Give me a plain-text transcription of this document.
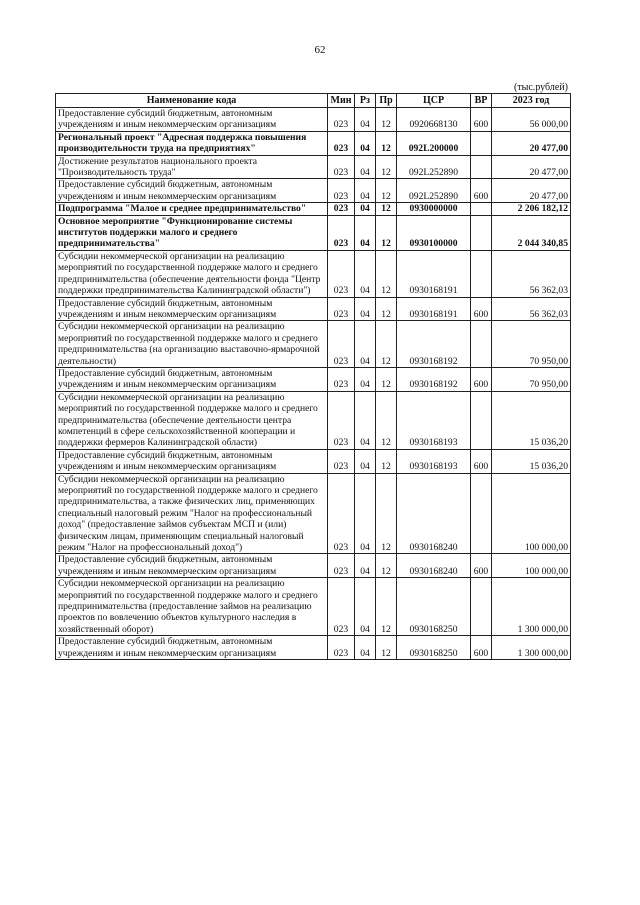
62
(тыс.рублей)
Наименование кода	Мин	Рз	Пр	ЦСР	ВР	2023 год
Предоставление субсидий бюджетным, автономным учреждениям и иным некоммерческим организациям	023	04	12	0920668130	600	56 000,00
Региональный проект "Адресная поддержка повышения производительности труда на предприятиях"	023	04	12	092L200000		20 477,00
Достижение результатов национального проекта "Производительность труда"	023	04	12	092L252890		20 477,00
Предоставление субсидий бюджетным, автономным учреждениям и иным некоммерческим организациям	023	04	12	092L252890	600	20 477,00
Подпрограмма "Малое и среднее предпринимательство"	023	04	12	0930000000		2 206 182,12
Основное мероприятие "Функционирование системы институтов поддержки малого и среднего предпринимательства"	023	04	12	0930100000		2 044 340,85
Субсидии некоммерческой организации на реализацию мероприятий по государственной поддержке малого и среднего предпринимательства (обеспечение деятельности фонда "Центр поддержки предпринимательства Калининградской области")	023	04	12	0930168191		56 362,03
Предоставление субсидий бюджетным, автономным учреждениям и иным некоммерческим организациям	023	04	12	0930168191	600	56 362,03
Субсидии некоммерческой организации на реализацию мероприятий по государственной поддержке малого и среднего предпринимательства (на организацию выставочно-ярмарочной деятельности)	023	04	12	0930168192		70 950,00
Предоставление субсидий бюджетным, автономным учреждениям и иным некоммерческим организациям	023	04	12	0930168192	600	70 950,00
Субсидии некоммерческой организации на реализацию мероприятий по государственной поддержке малого и среднего предпринимательства (обеспечение деятельности центра компетенций в сфере сельскохозяйственной кооперации и поддержки фермеров Калининградской области)	023	04	12	0930168193		15 036,20
Предоставление субсидий бюджетным, автономным учреждениям и иным некоммерческим организациям	023	04	12	0930168193	600	15 036,20
Субсидии некоммерческой организации на реализацию мероприятий по государственной поддержке малого и среднего предпринимательства, а также физических лиц, применяющих специальный налоговый режим "Налог на профессиональный доход" (предоставление займов субъектам МСП и (или) физическим лицам, применяющим специальный налоговый режим "Налог на профессиональный доход")	023	04	12	0930168240		100 000,00
Предоставление субсидий бюджетным, автономным учреждениям и иным некоммерческим организациям	023	04	12	0930168240	600	100 000,00
Субсидии некоммерческой организации на реализацию мероприятий по государственной поддержке малого и среднего предпринимательства (предоставление займов на реализацию проектов по вовлечению объектов культурного наследия в хозяйственный оборот)	023	04	12	0930168250		1 300 000,00
Предоставление субсидий бюджетным, автономным учреждениям и иным некоммерческим организациям	023	04	12	0930168250	600	1 300 000,00
